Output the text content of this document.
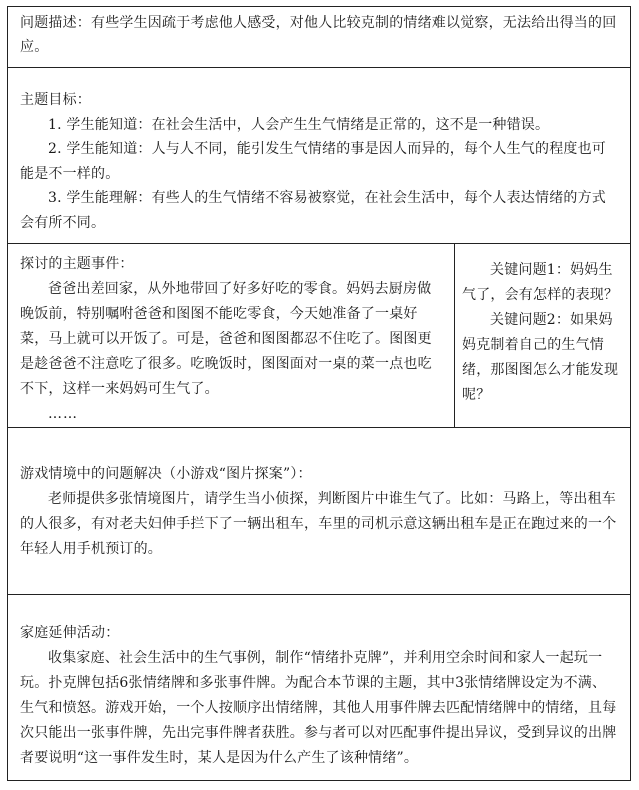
问题描述：有些学生因疏于考虑他人感受，对他人比较克制的情绪难以觉察，无法给出得当的回应。

主题目标：

1. 学生能知道：在社会生活中，人会产生生气情绪是正常的，这不是一种错误。

2. 学生能知道：人与人不同，能引发生气情绪的事是因人而异的，每个人生气的程度也可能是不一样的。

3. 学生能理解：有些人的生气情绪不容易被察觉，在社会生活中，每个人表达情绪的方式会有所不同。

探讨的主题事件：

爸爸出差回家，从外地带回了好多好吃的零食。妈妈去厨房做晚饭前，特别嘱咐爸爸和图图不能吃零食，今天她准备了一桌好菜，马上就可以开饭了。可是，爸爸和图图都忍不住吃了。图图更是趁爸爸不注意吃了很多。吃晚饭时，图图面对一桌的菜一点也吃不下，这样一来妈妈可生气了。

……

关键问题1：妈妈生气了，会有怎样的表现？

关键问题2：如果妈妈克制着自己的生气情绪，那图图怎么才能发现呢？

游戏情境中的问题解决（小游戏“图片探案”）：

老师提供多张情境图片，请学生当小侦探，判断图片中谁生气了。比如：马路上，等出租车的人很多，有对老夫妇伸手拦下了一辆出租车，车里的司机示意这辆出租车是正在跑过来的一个年轻人用手机预订的。

家庭延伸活动：

收集家庭、社会生活中的生气事例，制作“情绪扑克牌”，并利用空余时间和家人一起玩一玩。扑克牌包括6张情绪牌和多张事件牌。为配合本节课的主题，其中3张情绪牌设定为不满、生气和愤怒。游戏开始，一个人按顺序出情绪牌，其他人用事件牌去匹配情绪牌中的情绪，且每次只能出一张事件牌，先出完事件牌者获胜。参与者可以对匹配事件提出异议，受到异议的出牌者要说明“这一事件发生时，某人是因为什么产生了该种情绪”。
